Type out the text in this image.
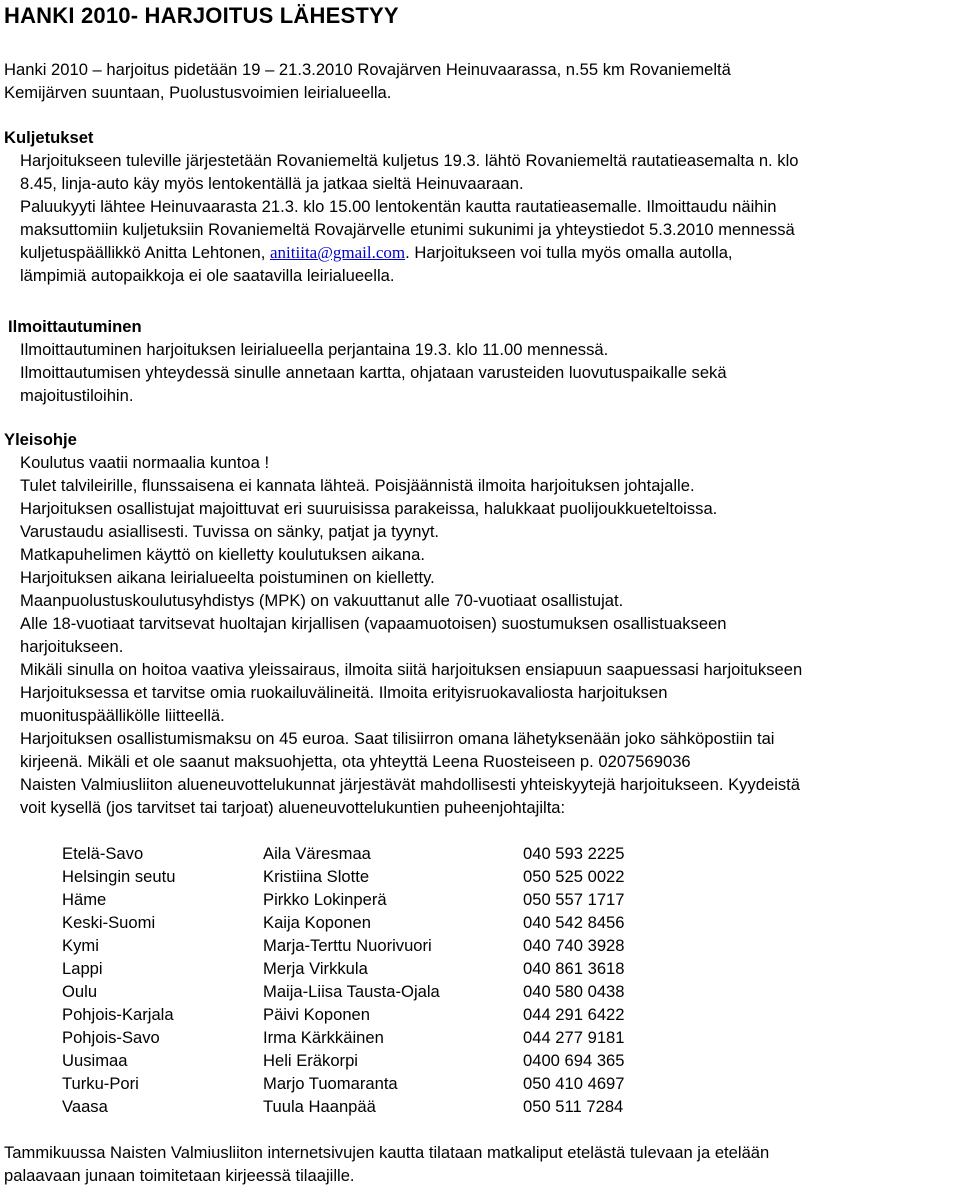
HANKI 2010- HARJOITUS LÄHESTYY
Hanki 2010 – harjoitus pidetään 19 – 21.3.2010 Rovajärven Heinuvaarassa, n.55 km Rovaniemeltä
Kemijärven suuntaan, Puolustusvoimien leirialueella.
Kuljetukset
Harjoitukseen tuleville järjestetään Rovaniemeltä kuljetus 19.3. lähtö Rovaniemeltä rautatieasemalta n. klo
8.45, linja-auto käy myös lentokentällä ja jatkaa sieltä Heinuvaaraan.
Paluukyyti lähtee Heinuvaarasta 21.3. klo 15.00 lentokentän kautta rautatieasemalle. Ilmoittaudu näihin
maksuttomiin kuljetuksiin Rovaniemeltä Rovajärvelle etunimi sukunimi ja yhteystiedot 5.3.2010 mennessä
kuljetuspäällikkö Anitta Lehtonen, anitiita@gmail.com. Harjoitukseen voi tulla myös omalla autolla,
lämpimiä autopaikkoja ei ole saatavilla leirialueella.
Ilmoittautuminen
Ilmoittautuminen harjoituksen leirialueella perjantaina 19.3. klo 11.00 mennessä.
Ilmoittautumisen yhteydessä sinulle annetaan kartta, ohjataan varusteiden luovutuspaikalle sekä
majoitustiloihin.
Yleisohje
Koulutus vaatii normaalia kuntoa !
Tulet talvileirille, flunssaisena ei kannata lähteä. Poisjäännistä ilmoita harjoituksen johtajalle.
Harjoituksen osallistujat majoittuvat eri suuruisissa parakeissa, halukkaat puolijoukkueteltoissa.
Varustaudu asiallisesti. Tuvissa on sänky, patjat ja tyynyt.
Matkapuhelimen käyttö on kielletty koulutuksen aikana.
Harjoituksen aikana leirialueelta poistuminen on kielletty.
Maanpuolustuskoulutusyhdistys (MPK) on vakuuttanut alle 70-vuotiaat osallistujat.
Alle 18-vuotiaat tarvitsevat huoltajan kirjallisen (vapaamuotoisen) suostumuksen osallistuakseen
harjoitukseen.
Mikäli sinulla on hoitoa vaativa yleissairaus, ilmoita siitä harjoituksen ensiapuun saapuessasi harjoitukseen
Harjoituksessa et tarvitse omia ruokailuvälineitä. Ilmoita erityisruokavaliosta harjoituksen
muonituspäällikölle liitteellä.
Harjoituksen osallistumismaksu on 45 euroa. Saat tilisiirron omana lähetyksenään joko sähköpostiin tai
kirjeenä. Mikäli et ole saanut maksuohjetta, ota yhteyttä Leena Ruosteiseen p. 0207569036
Naisten Valmiusliiton alueneuvottelukunnat järjestävät mahdollisesti yhteiskyytejä harjoitukseen. Kyydeistä
voit kysellä (jos tarvitset tai tarjoat) alueneuvottelukuntien puheenjohtajilta:
Etelä-Savo	Aila Väresmaa	040 593 2225
Helsingin seutu	Kristiina Slotte	050 525 0022
Häme	Pirkko Lokinperä	050 557 1717
Keski-Suomi	Kaija Koponen	040 542 8456
Kymi	Marja-Terttu Nuorivuori	040 740 3928
Lappi	Merja Virkkula	040 861 3618
Oulu	Maija-Liisa Tausta-Ojala	040 580 0438
Pohjois-Karjala	Päivi Koponen	044 291 6422
Pohjois-Savo	Irma Kärkkäinen	044 277 9181
Uusimaa	Heli Eräkorpi	0400 694 365
Turku-Pori	Marjo Tuomaranta	050 410 4697
Vaasa	Tuula Haanpää	050 511 7284
Tammikuussa Naisten Valmiusliiton internetsivujen kautta tilataan matkaliput etelästä tulevaan ja etelään
palaavaan junaan toimitetaan kirjeessä tilaajille.
